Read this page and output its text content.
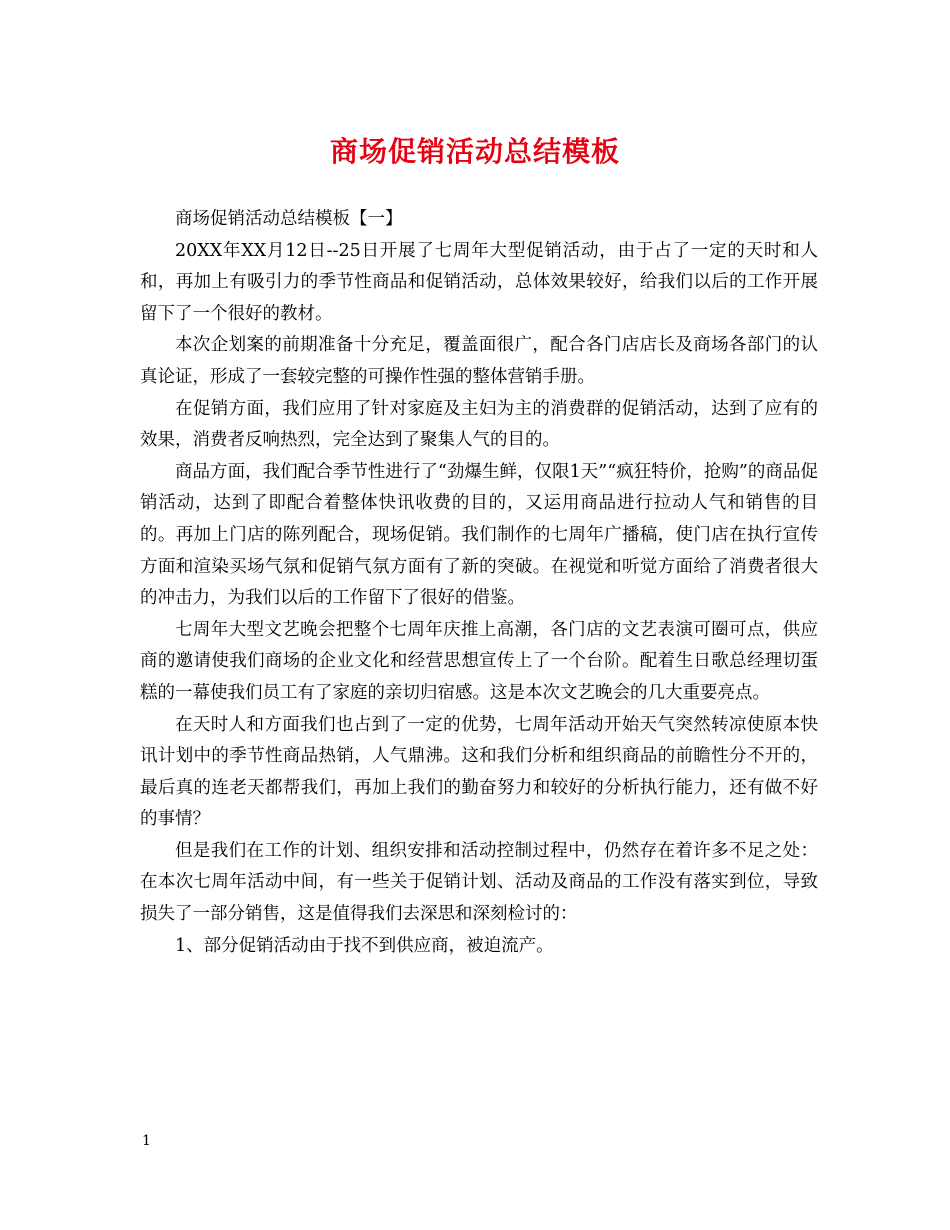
商场促销活动总结模板

商场促销活动总结模板【一】

20XX年XX月12日--25日开展了七周年大型促销活动，由于占了一定的天时和人和，再加上有吸引力的季节性商品和促销活动，总体效果较好，给我们以后的工作开展留下了一个很好的教材。

本次企划案的前期准备十分充足，覆盖面很广，配合各门店店长及商场各部门的认真论证，形成了一套较完整的可操作性强的整体营销手册。

在促销方面，我们应用了针对家庭及主妇为主的消费群的促销活动，达到了应有的效果，消费者反响热烈，完全达到了聚集人气的目的。

商品方面，我们配合季节性进行了“劲爆生鲜，仅限1天”“疯狂特价，抢购”的商品促销活动，达到了即配合着整体快讯收费的目的，又运用商品进行拉动人气和销售的目的。再加上门店的陈列配合，现场促销。我们制作的七周年广播稿，使门店在执行宣传方面和渲染买场气氛和促销气氛方面有了新的突破。在视觉和听觉方面给了消费者很大的冲击力，为我们以后的工作留下了很好的借鉴。

七周年大型文艺晚会把整个七周年庆推上高潮，各门店的文艺表演可圈可点，供应商的邀请使我们商场的企业文化和经营思想宣传上了一个台阶。配着生日歌总经理切蛋糕的一幕使我们员工有了家庭的亲切归宿感。这是本次文艺晚会的几大重要亮点。

在天时人和方面我们也占到了一定的优势，七周年活动开始天气突然转凉使原本快讯计划中的季节性商品热销，人气鼎沸。这和我们分析和组织商品的前瞻性分不开的，最后真的连老天都帮我们，再加上我们的勤奋努力和较好的分析执行能力，还有做不好的事情？

但是我们在工作的计划、组织安排和活动控制过程中，仍然存在着许多不足之处：在本次七周年活动中间，有一些关于促销计划、活动及商品的工作没有落实到位，导致损失了一部分销售，这是值得我们去深思和深刻检讨的：

1、部分促销活动由于找不到供应商，被迫流产。

1
